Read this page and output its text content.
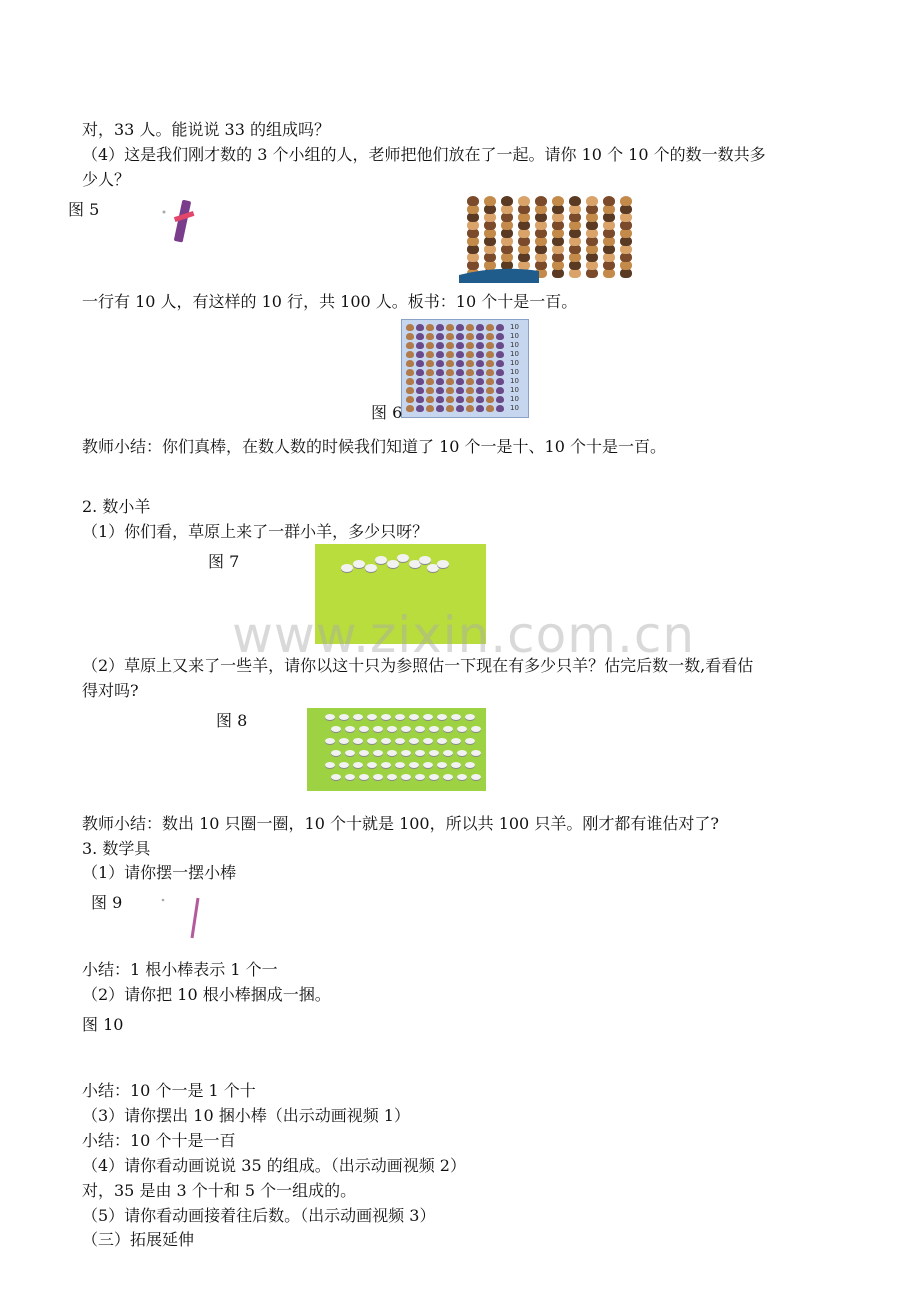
对，33 人。能说说 33 的组成吗？
（4）这是我们刚才数的 3 个小组的人，老师把他们放在了一起。请你 10 个 10 个的数一数共多
少人？
图 5
一行有 10 人，有这样的 10 行，共 100 人。板书：10 个十是一百。
10
10
10
10
10
10
10
10
10
10
图 6
教师小结：你们真棒，在数人数的时候我们知道了 10 个一是十、10 个十是一百。
2. 数小羊
（1）你们看，草原上来了一群小羊，多少只呀？
图 7
www.zixin.com.cn
（2）草原上又来了一些羊，请你以这十只为参照估一下现在有多少只羊？估完后数一数,看看估
得对吗?
图 8
教师小结：数出 10 只圈一圈，10 个十就是 100，所以共 100 只羊。刚才都有谁估对了?
3. 数学具
（1）请你摆一摆小棒
图 9
小结：1 根小棒表示 1 个一
（2）请你把 10 根小棒捆成一捆。
图 10
小结：10 个一是 1 个十
（3）请你摆出 10 捆小棒（出示动画视频 1）
小结：10 个十是一百
（4）请你看动画说说 35 的组成。（出示动画视频 2）
对，35 是由 3 个十和 5 个一组成的。
（5）请你看动画接着往后数。（出示动画视频 3）
（三）拓展延伸
